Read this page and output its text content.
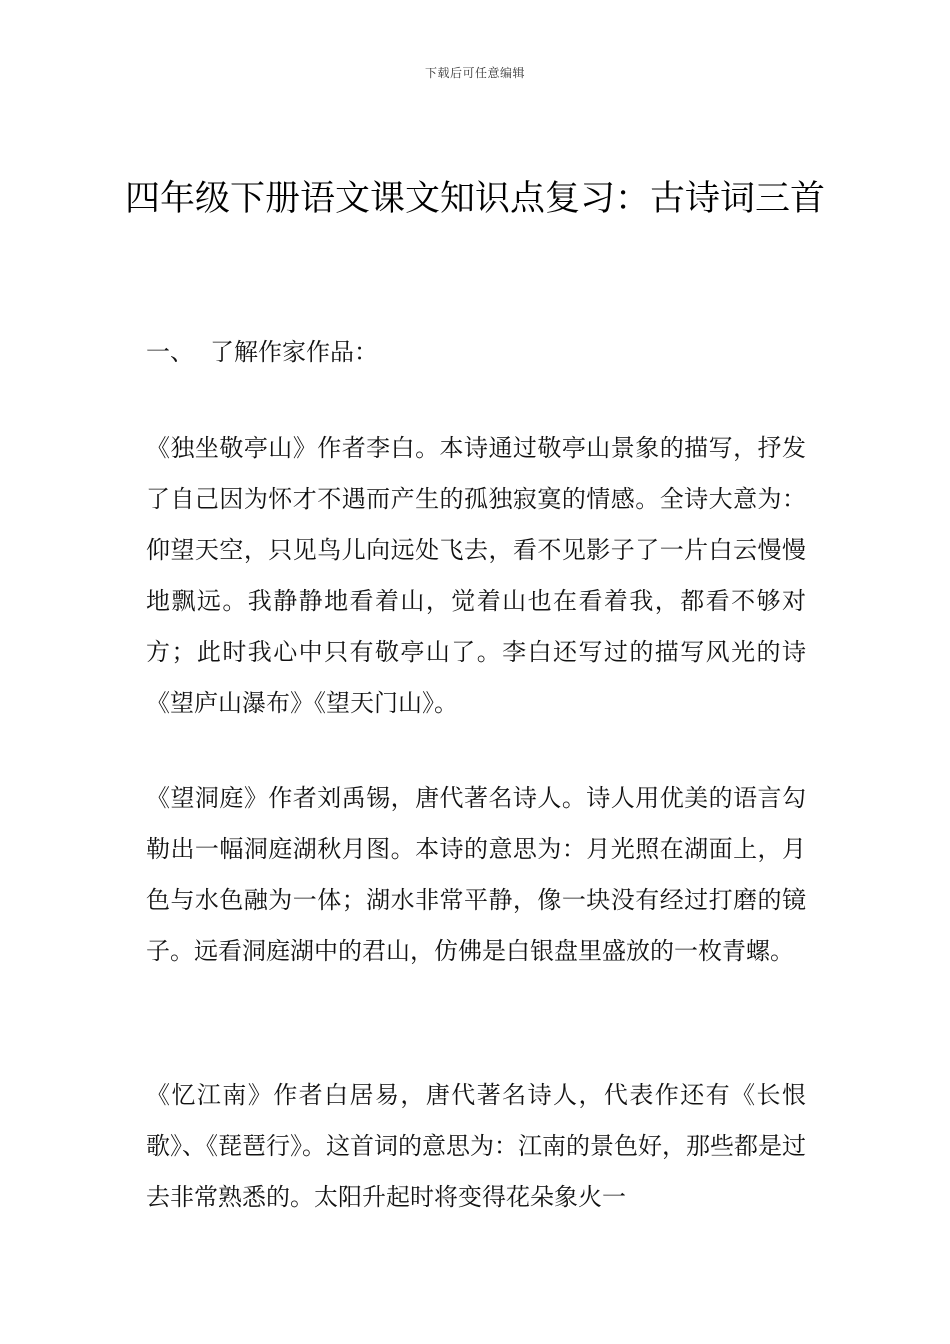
下载后可任意编辑
四年级下册语文课文知识点复习：古诗词三首
一、 了解作家作品：

《独坐敬亭山》作者李白。本诗通过敬亭山景象的描写，抒发了自己因为怀才不遇而产生的孤独寂寞的情感。全诗大意为：仰望天空，只见鸟儿向远处飞去，看不见影子了一片白云慢慢地飘远。我静静地看着山，觉着山也在看着我，都看不够对方；此时我心中只有敬亭山了。李白还写过的描写风光的诗《望庐山瀑布》《望天门山》。

《望洞庭》作者刘禹锡，唐代著名诗人。诗人用优美的语言勾勒出一幅洞庭湖秋月图。本诗的意思为：月光照在湖面上，月色与水色融为一体；湖水非常平静，像一块没有经过打磨的镜子。远看洞庭湖中的君山，仿佛是白银盘里盛放的一枚青螺。

《忆江南》作者白居易，唐代著名诗人，代表作还有《长恨歌》、《琵琶行》。这首词的意思为：江南的景色好，那些都是过去非常熟悉的。太阳升起时将变得花朵象火一
